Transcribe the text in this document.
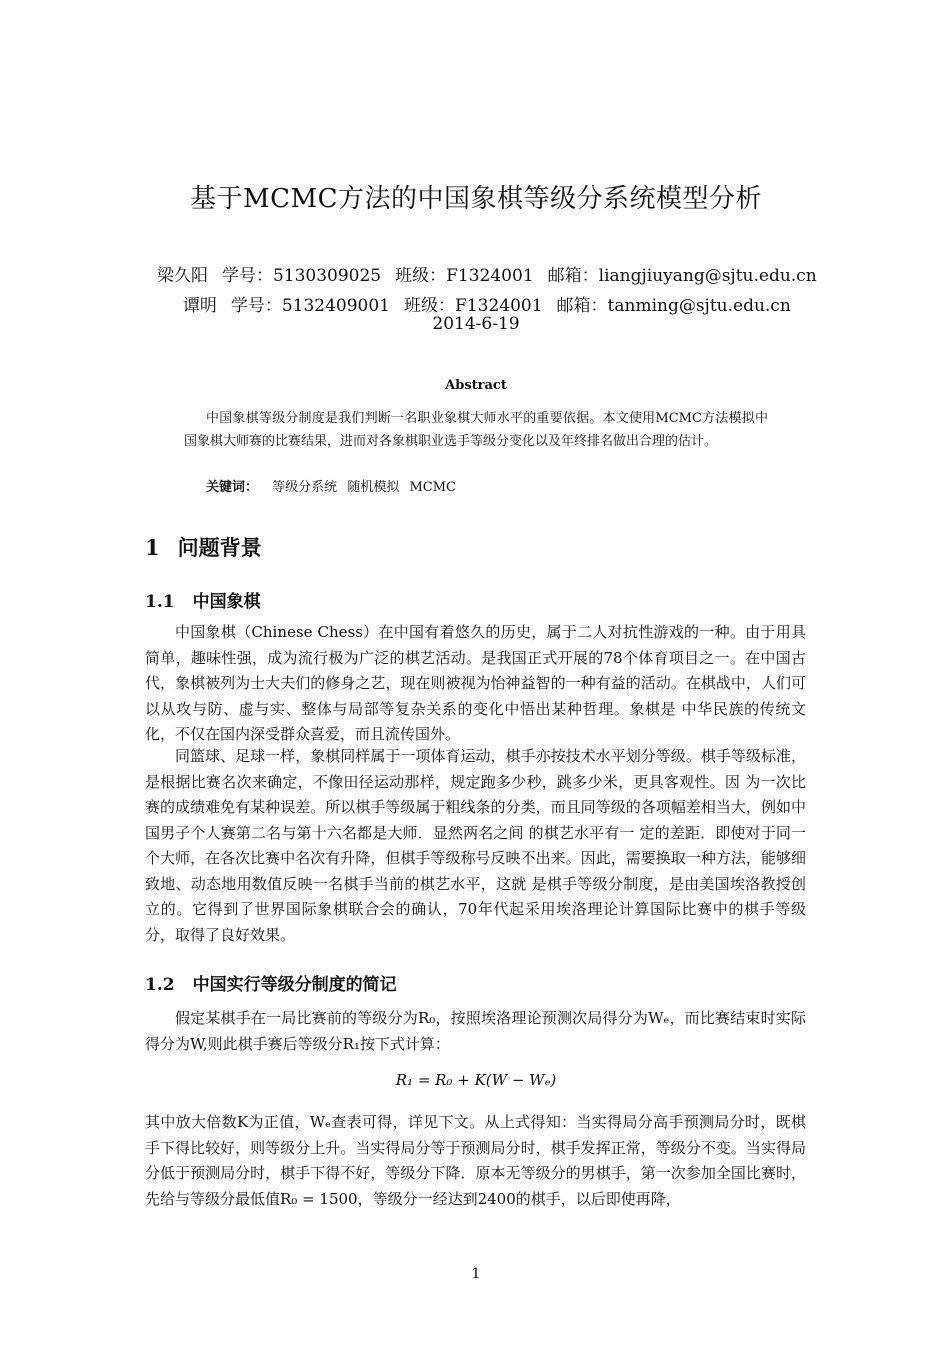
基于MCMC方法的中国象棋等级分系统模型分析

梁久阳 学号：5130309025 班级：F1324001 邮箱：liangjiuyang@sjtu.edu.cn

谭明 学号：5132409001 班级：F1324001 邮箱：tanming@sjtu.edu.cn

2014-6-19
Abstract
中国象棋等级分制度是我们判断一名职业象棋大师水平的重要依据。本文使用MCMC方法模拟中国象棋大师赛的比赛结果，进而对各象棋职业选手等级分变化以及年终排名做出合理的估计。
关键词： 等级分系统 随机模拟 MCMC
1 问题背景
1.1 中国象棋

中国象棋（Chinese Chess）在中国有着悠久的历史，属于二人对抗性游戏的一种。由于用具简单，趣味性强，成为流行极为广泛的棋艺活动。是我国正式开展的78个体育项目之一。在中国古代，象棋被列为士大夫们的修身之艺，现在则被视为怡神益智的一种有益的活动。在棋战中，人们可以从攻与防、虚与实、整体与局部等复杂关系的变化中悟出某种哲理。象棋是 中华民族的传统文化，不仅在国内深受群众喜爱，而且流传国外。

同篮球、足球一样，象棋同样属于一项体育运动，棋手亦按技术水平划分等级。棋手等级标准，是根据比赛名次来确定，不像田径运动那样，规定跑多少秒，跳多少米，更具客观性。因 为一次比赛的成绩难免有某种误差。所以棋手等级属于粗线条的分类，而且同等级的各项幅差相当大，例如中国男子个人赛第二名与第十六名都是大师．显然两名之间 的棋艺水平有一 定的差距．即使对于同一个大师，在各次比赛中名次有升降，但棋手等级称号反映不出来。因此，需要换取一种方法，能够细致地、动态地用数值反映一名棋手当前的棋艺水平，这就 是棋手等级分制度，是由美国埃洛教授创立的。它得到了世界国际象棋联合会的确认，70年代起采用埃洛理论计算国际比赛中的棋手等级分，取得了良好效果。

1.2 中国实行等级分制度的简记

假定某棋手在一局比赛前的等级分为R₀，按照埃洛理论预测次局得分为Wₑ，而比赛结束时实际得分为W,则此棋手赛后等级分R₁按下式计算：

R₁ = R₀ + K(W − Wₑ)

其中放大倍数K为正值，Wₑ查表可得，详见下文。从上式得知：当实得局分高手预测局分时，既棋手下得比较好，则等级分上升。当实得局分等于预测局分时，棋手发挥正常，等级分不变。当实得局 分低于预测局分时，棋手下得不好，等级分下降．原本无等级分的男棋手，第一次参加全国比赛时，先给与等级分最低值R₀ = 1500，等级分一经达到2400的棋手，以后即使再降，

1
